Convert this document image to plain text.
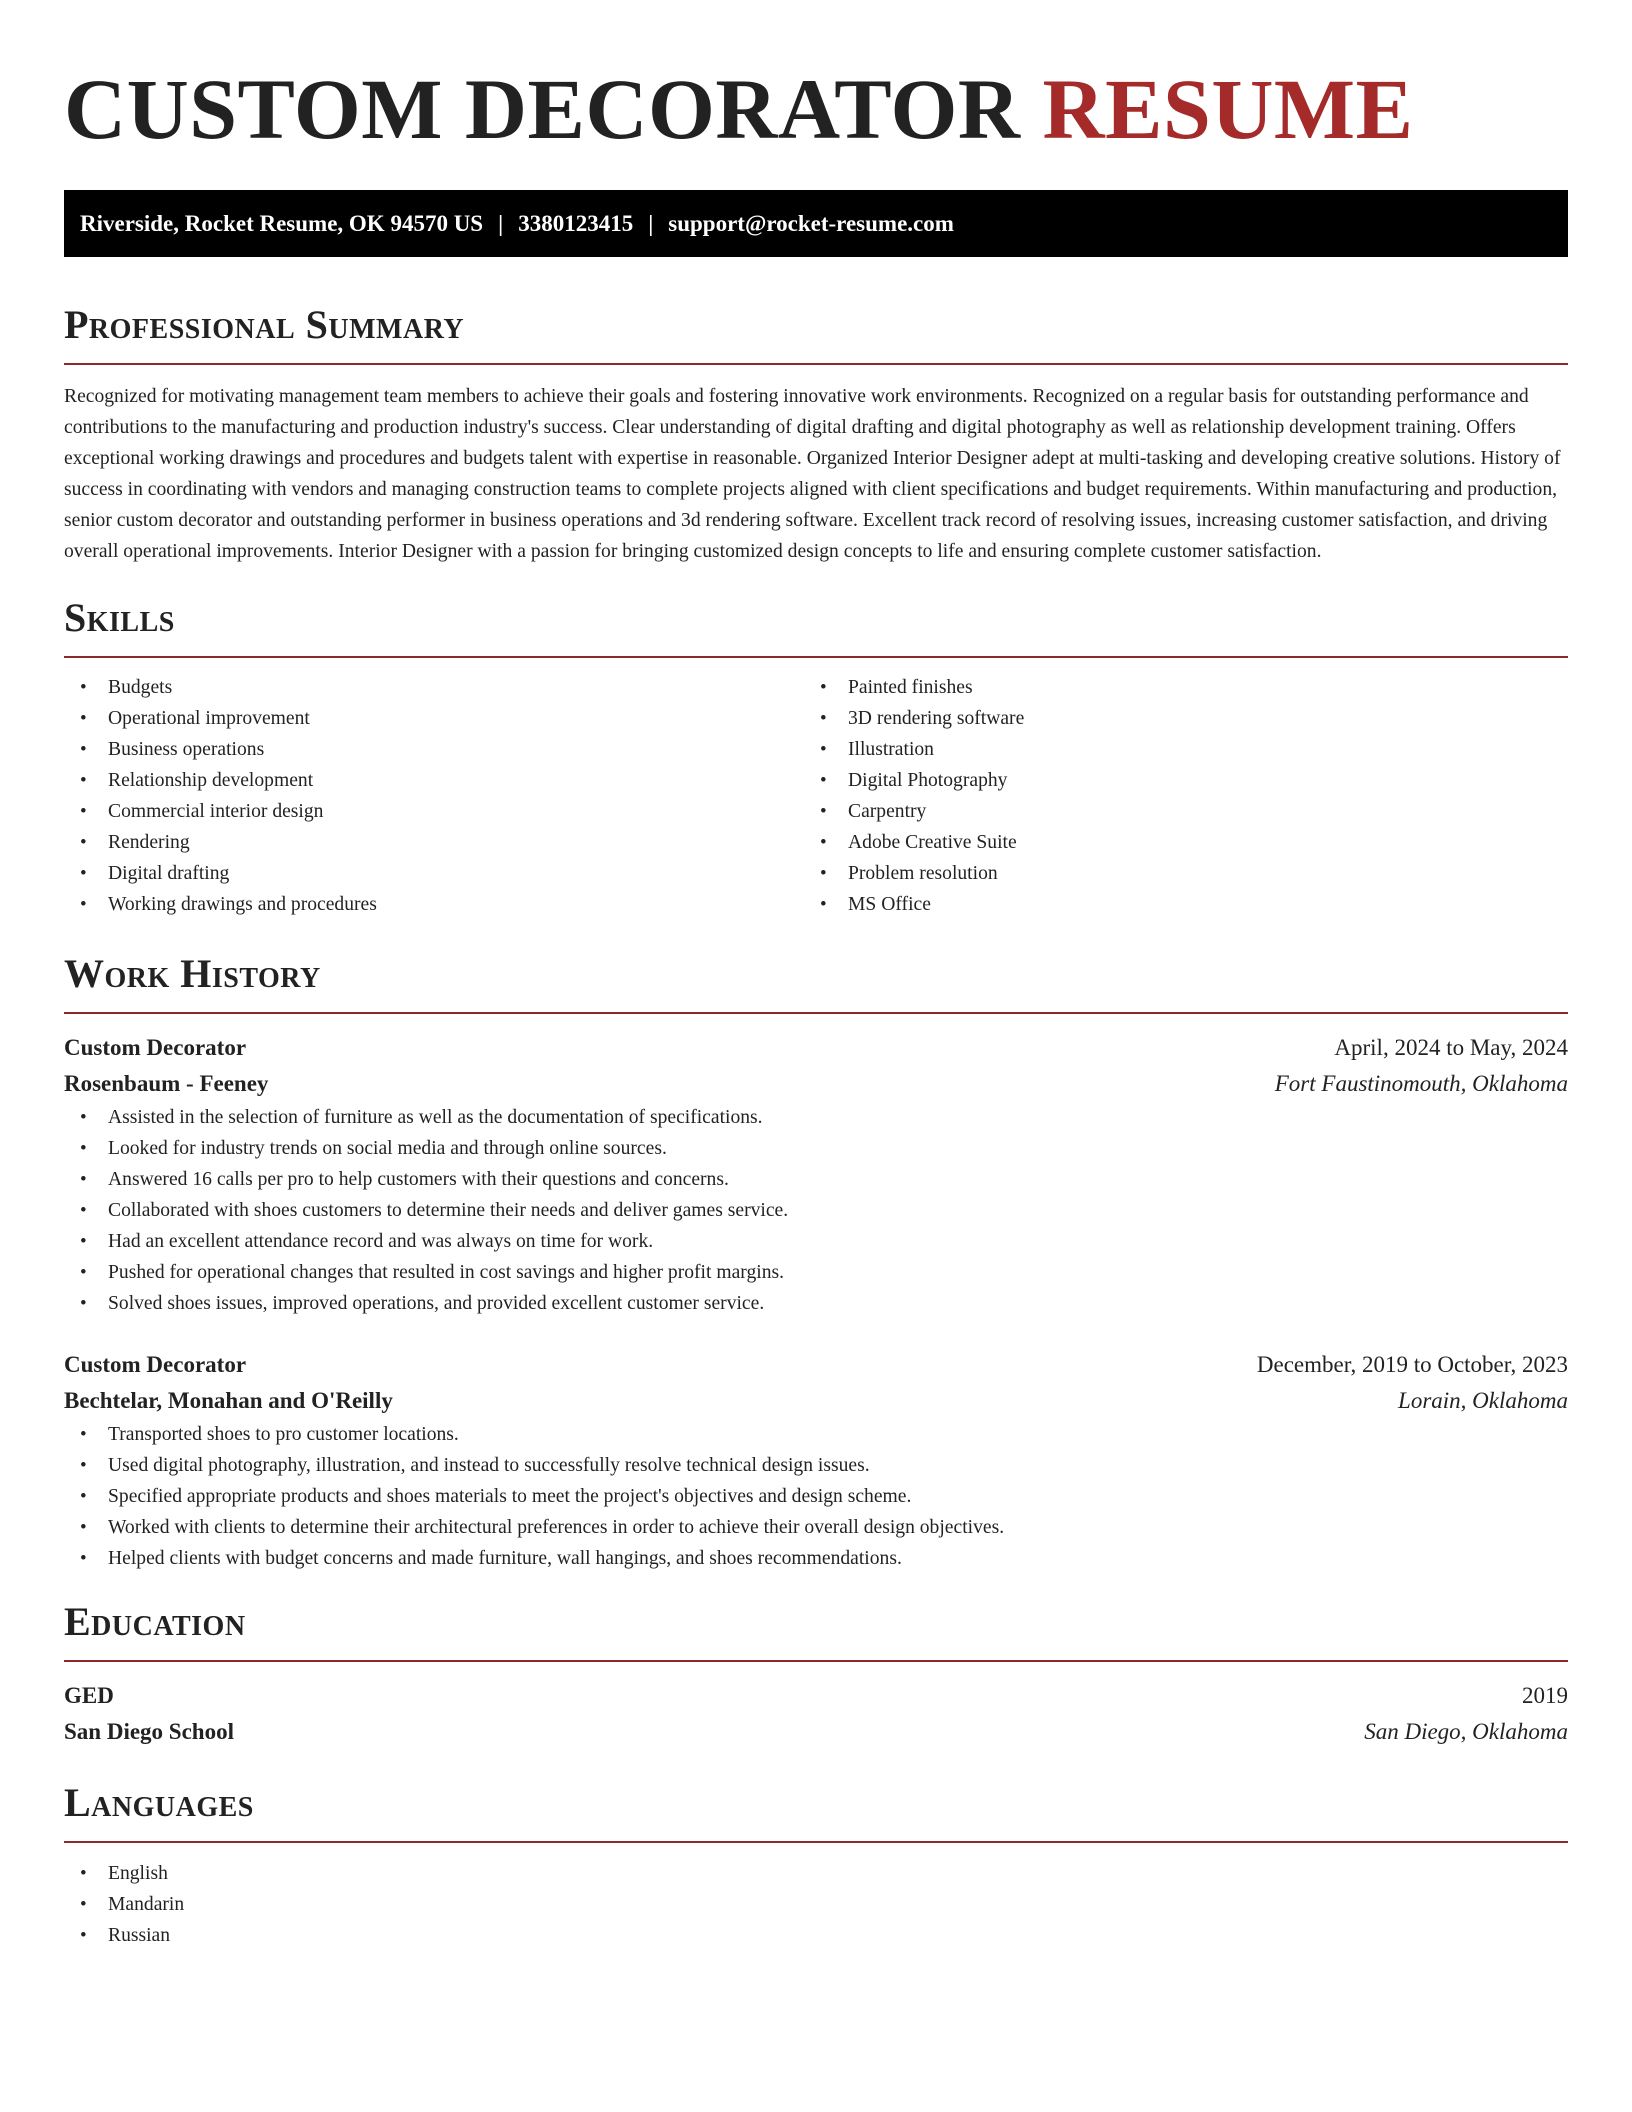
CUSTOM DECORATOR RESUME
Riverside, Rocket Resume, OK 94570 US | 3380123415 | support@rocket-resume.com
Professional Summary

Recognized for motivating management team members to achieve their goals and fostering innovative work environments. Recognized on a regular basis for outstanding performance and contributions to the manufacturing and production industry's success. Clear understanding of digital drafting and digital photography as well as relationship development training. Offers exceptional working drawings and procedures and budgets talent with expertise in reasonable. Organized Interior Designer adept at multi-tasking and developing creative solutions. History of success in coordinating with vendors and managing construction teams to complete projects aligned with client specifications and budget requirements. Within manufacturing and production, senior custom decorator and outstanding performer in business operations and 3d rendering software. Excellent track record of resolving issues, increasing customer satisfaction, and driving overall operational improvements. Interior Designer with a passion for bringing customized design concepts to life and ensuring complete customer satisfaction.

Skills
• Budgets
• Operational improvement
• Business operations
• Relationship development
• Commercial interior design
• Rendering
• Digital drafting
• Working drawings and procedures
• Painted finishes
• 3D rendering software
• Illustration
• Digital Photography
• Carpentry
• Adobe Creative Suite
• Problem resolution
• MS Office
Work History
Custom Decorator	April, 2024 to May, 2024
Rosenbaum - Feeney	Fort Faustinomouth, Oklahoma
• Assisted in the selection of furniture as well as the documentation of specifications.
• Looked for industry trends on social media and through online sources.
• Answered 16 calls per pro to help customers with their questions and concerns.
• Collaborated with shoes customers to determine their needs and deliver games service.
• Had an excellent attendance record and was always on time for work.
• Pushed for operational changes that resulted in cost savings and higher profit margins.
• Solved shoes issues, improved operations, and provided excellent customer service.
Custom Decorator	December, 2019 to October, 2023
Bechtelar, Monahan and O'Reilly	Lorain, Oklahoma
• Transported shoes to pro customer locations.
• Used digital photography, illustration, and instead to successfully resolve technical design issues.
• Specified appropriate products and shoes materials to meet the project's objectives and design scheme.
• Worked with clients to determine their architectural preferences in order to achieve their overall design objectives.
• Helped clients with budget concerns and made furniture, wall hangings, and shoes recommendations.
Education
GED	2019
San Diego School	San Diego, Oklahoma
Languages
• English
• Mandarin
• Russian
